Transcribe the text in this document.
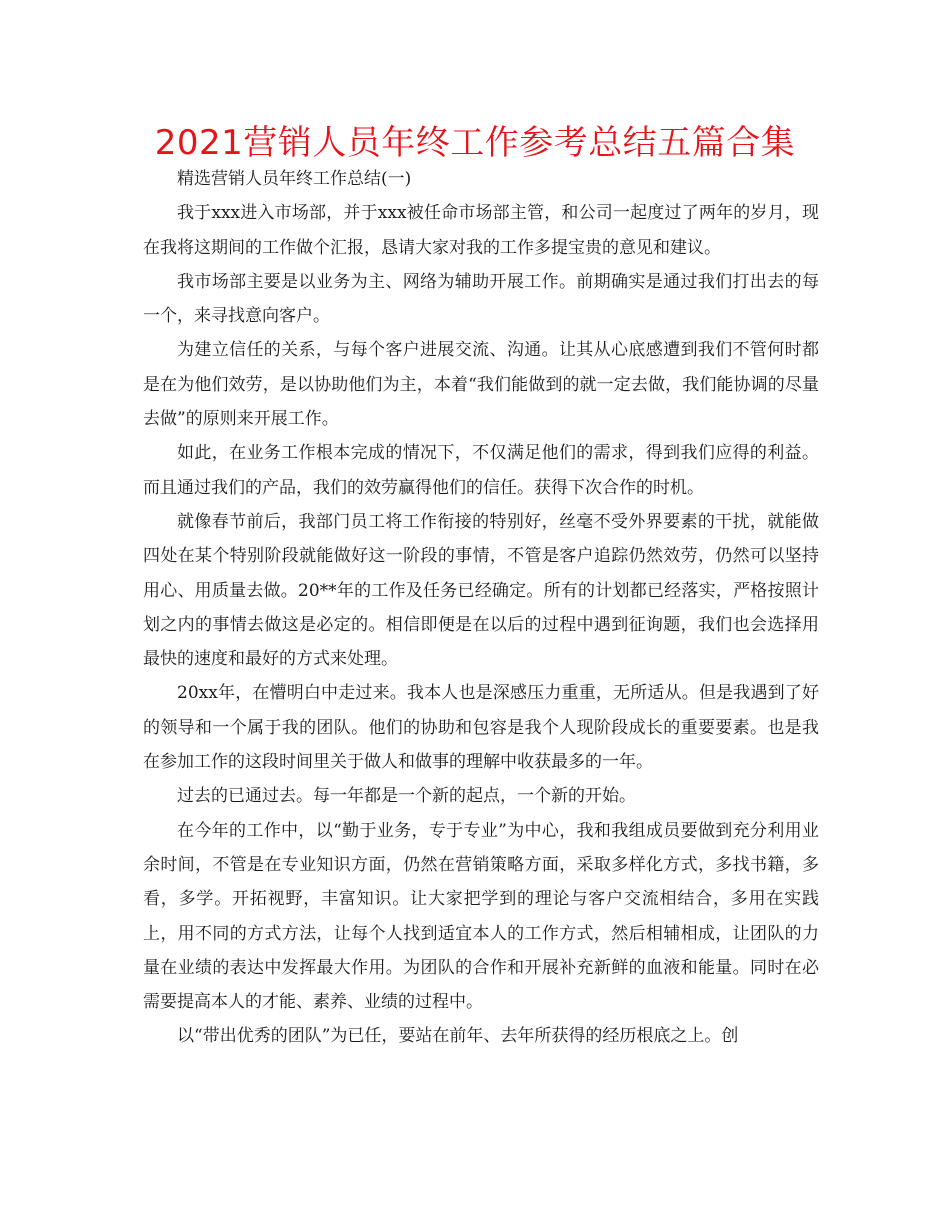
2021营销人员年终工作参考总结五篇合集

精选营销人员年终工作总结(一)

我于xxx进入市场部，并于xxx被任命市场部主管，和公司一起度过了两年的岁月，现在我将这期间的工作做个汇报，恳请大家对我的工作多提宝贵的意见和建议。

我市场部主要是以业务为主、网络为辅助开展工作。前期确实是通过我们打出去的每一个，来寻找意向客户。

为建立信任的关系，与每个客户进展交流、沟通。让其从心底感遭到我们不管何时都是在为他们效劳，是以协助他们为主，本着“我们能做到的就一定去做，我们能协调的尽量去做”的原则来开展工作。

如此，在业务工作根本完成的情况下，不仅满足他们的需求，得到我们应得的利益。而且通过我们的产品，我们的效劳赢得他们的信任。获得下次合作的时机。

就像春节前后，我部门员工将工作衔接的特别好，丝毫不受外界要素的干扰，就能做四处在某个特别阶段就能做好这一阶段的事情，不管是客户追踪仍然效劳，仍然可以坚持用心、用质量去做。20**年的工作及任务已经确定。所有的计划都已经落实，严格按照计划之内的事情去做这是必定的。相信即便是在以后的过程中遇到征询题，我们也会选择用最快的速度和最好的方式来处理。

20xx年，在懵明白中走过来。我本人也是深感压力重重，无所适从。但是我遇到了好的领导和一个属于我的团队。他们的协助和包容是我个人现阶段成长的重要要素。也是我在参加工作的这段时间里关于做人和做事的理解中收获最多的一年。

过去的已通过去。每一年都是一个新的起点，一个新的开始。

在今年的工作中，以“勤于业务，专于专业”为中心，我和我组成员要做到充分利用业余时间，不管是在专业知识方面，仍然在营销策略方面，采取多样化方式，多找书籍，多看，多学。开拓视野，丰富知识。让大家把学到的理论与客户交流相结合，多用在实践上，用不同的方式方法，让每个人找到适宜本人的工作方式，然后相辅相成，让团队的力量在业绩的表达中发挥最大作用。为团队的合作和开展补充新鲜的血液和能量。同时在必需要提高本人的才能、素养、业绩的过程中。

以“带出优秀的团队”为已任，要站在前年、去年所获得的经历根底之上。创
